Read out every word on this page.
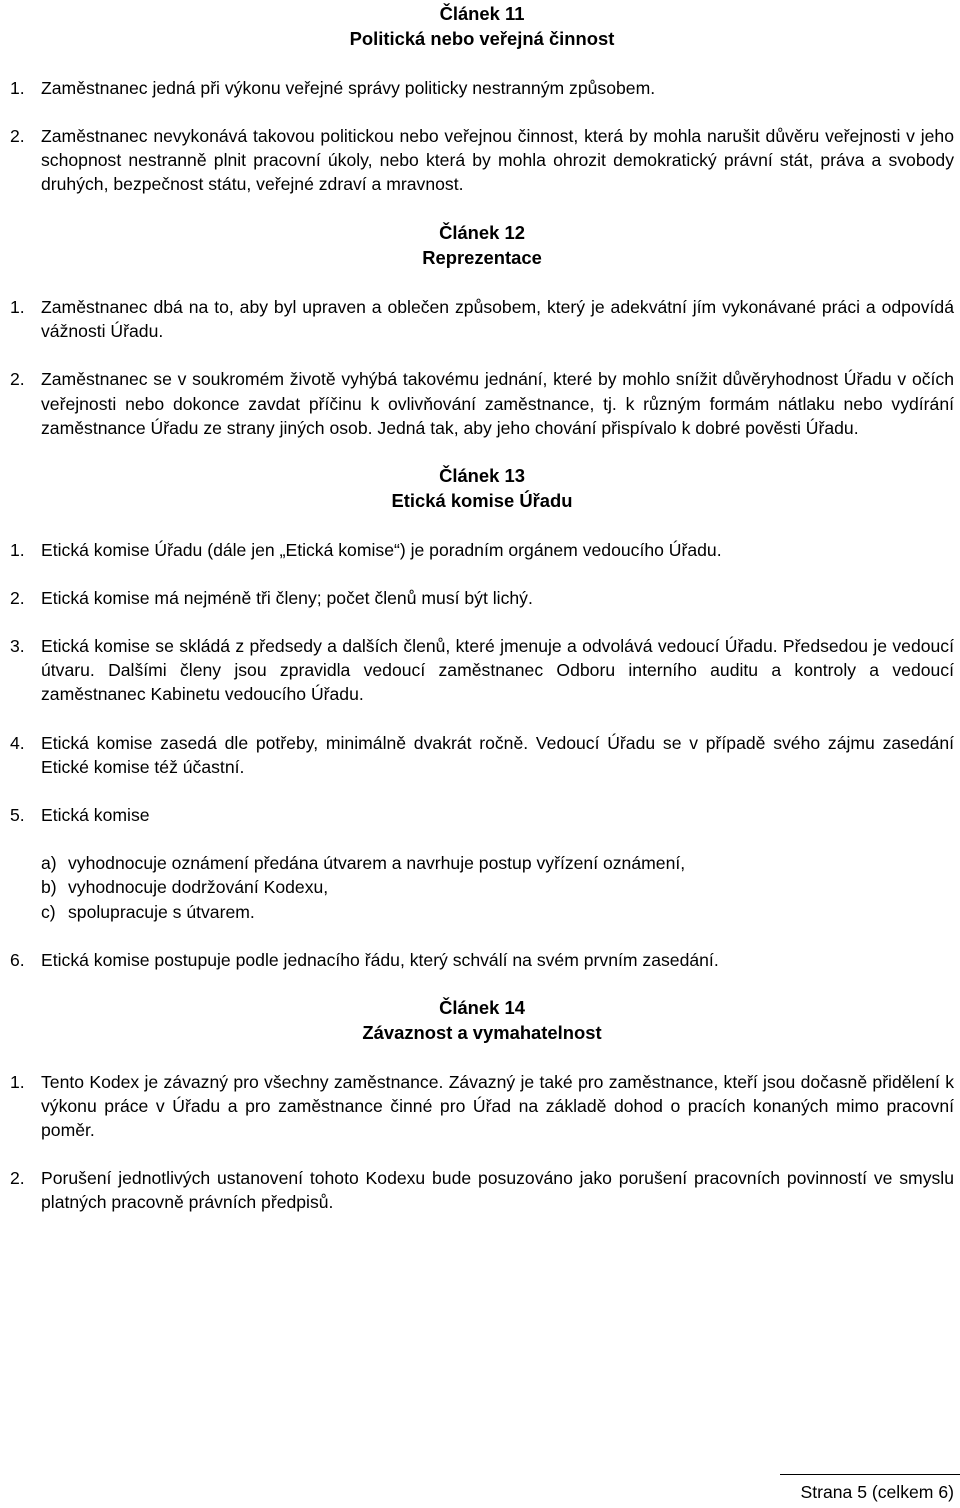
Článek 11
Politická nebo veřejná činnost
1. Zaměstnanec jedná při výkonu veřejné správy politicky nestranným způsobem.
2. Zaměstnanec nevykonává takovou politickou nebo veřejnou činnost, která by mohla narušit důvěru veřejnosti v jeho schopnost nestranně plnit pracovní úkoly, nebo která by mohla ohrozit demokratický právní stát, práva a svobody druhých, bezpečnost státu, veřejné zdraví a mravnost.
Článek 12
Reprezentace
1. Zaměstnanec dbá na to, aby byl upraven a oblečen způsobem, který je adekvátní jím vykonávané práci a odpovídá vážnosti Úřadu.
2. Zaměstnanec se v soukromém životě vyhýbá takovému jednání, které by mohlo snížit důvěryhodnost Úřadu v očích veřejnosti nebo dokonce zavdat příčinu k ovlivňování zaměstnance, tj. k různým formám nátlaku nebo vydírání zaměstnance Úřadu ze strany jiných osob. Jedná tak, aby jeho chování přispívalo k dobré pověsti Úřadu.
Článek 13
Etická komise Úřadu
1. Etická komise Úřadu (dále jen „Etická komise“) je poradním orgánem vedoucího Úřadu.
2. Etická komise má nejméně tři členy; počet členů musí být lichý.
3. Etická komise se skládá z předsedy a dalších členů, které jmenuje a odvolává vedoucí Úřadu. Předsedou je vedoucí útvaru. Dalšími členy jsou zpravidla vedoucí zaměstnanec Odboru interního auditu a kontroly a vedoucí zaměstnanec Kabinetu vedoucího Úřadu.
4. Etická komise zasedá dle potřeby, minimálně dvakrát ročně. Vedoucí Úřadu se v případě svého zájmu zasedání Etické komise též účastní.
5. Etická komise
a) vyhodnocuje oznámení předána útvarem a navrhuje postup vyřízení oznámení,
b) vyhodnocuje dodržování Kodexu,
c) spolupracuje s útvarem.
6. Etická komise postupuje podle jednacího řádu, který schválí na svém prvním zasedání.
Článek 14
Závaznost a vymahatelnost
1. Tento Kodex je závazný pro všechny zaměstnance. Závazný je také pro zaměstnance, kteří jsou dočasně přidělení k výkonu práce v Úřadu a pro zaměstnance činné pro Úřad na základě dohod o pracích konaných mimo pracovní poměr.
2. Porušení jednotlivých ustanovení tohoto Kodexu bude posuzováno jako porušení pracovních povinností ve smyslu platných pracovně právních předpisů.
Strana 5 (celkem 6)
